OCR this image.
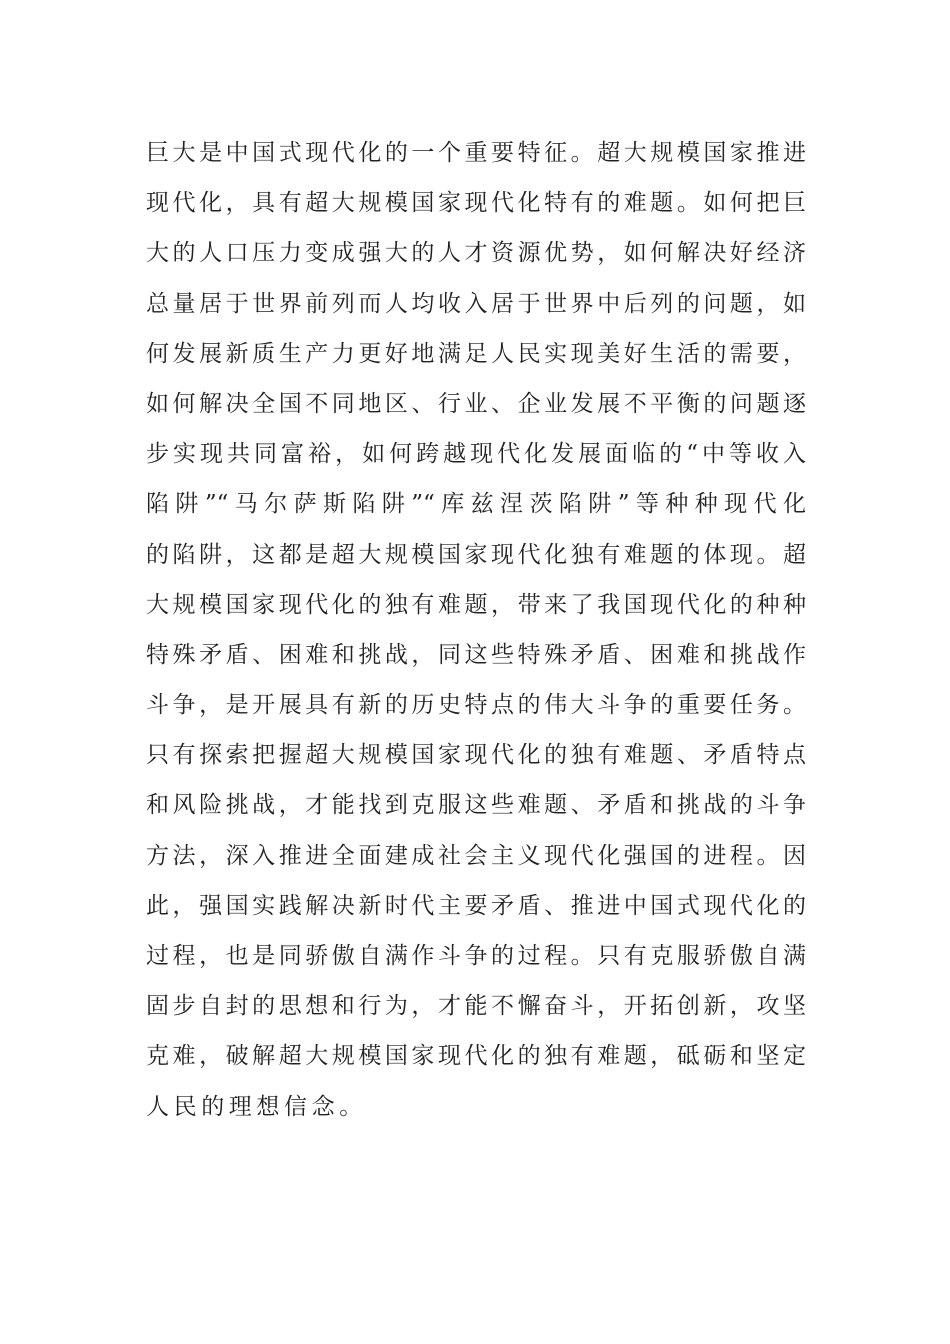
巨大是中国式现代化的一个重要特征。超大规模国家推进
现代化，具有超大规模国家现代化特有的难题。如何把巨
大的人口压力变成强大的人才资源优势，如何解决好经济
总量居于世界前列而人均收入居于世界中后列的问题，如
何发展新质生产力更好地满足人民实现美好生活的需要，
如何解决全国不同地区、行业、企业发展不平衡的问题逐
步实现共同富裕，如何跨越现代化发展面临的“中等收入
陷阱”“马尔萨斯陷阱”“库兹涅茨陷阱”等种种现代化
的陷阱，这都是超大规模国家现代化独有难题的体现。超
大规模国家现代化的独有难题，带来了我国现代化的种种
特殊矛盾、困难和挑战，同这些特殊矛盾、困难和挑战作
斗争，是开展具有新的历史特点的伟大斗争的重要任务。
只有探索把握超大规模国家现代化的独有难题、矛盾特点
和风险挑战，才能找到克服这些难题、矛盾和挑战的斗争
方法，深入推进全面建成社会主义现代化强国的进程。因
此，强国实践解决新时代主要矛盾、推进中国式现代化的
过程，也是同骄傲自满作斗争的过程。只有克服骄傲自满
固步自封的思想和行为，才能不懈奋斗，开拓创新，攻坚
克难，破解超大规模国家现代化的独有难题，砥砺和坚定
人民的理想信念。
